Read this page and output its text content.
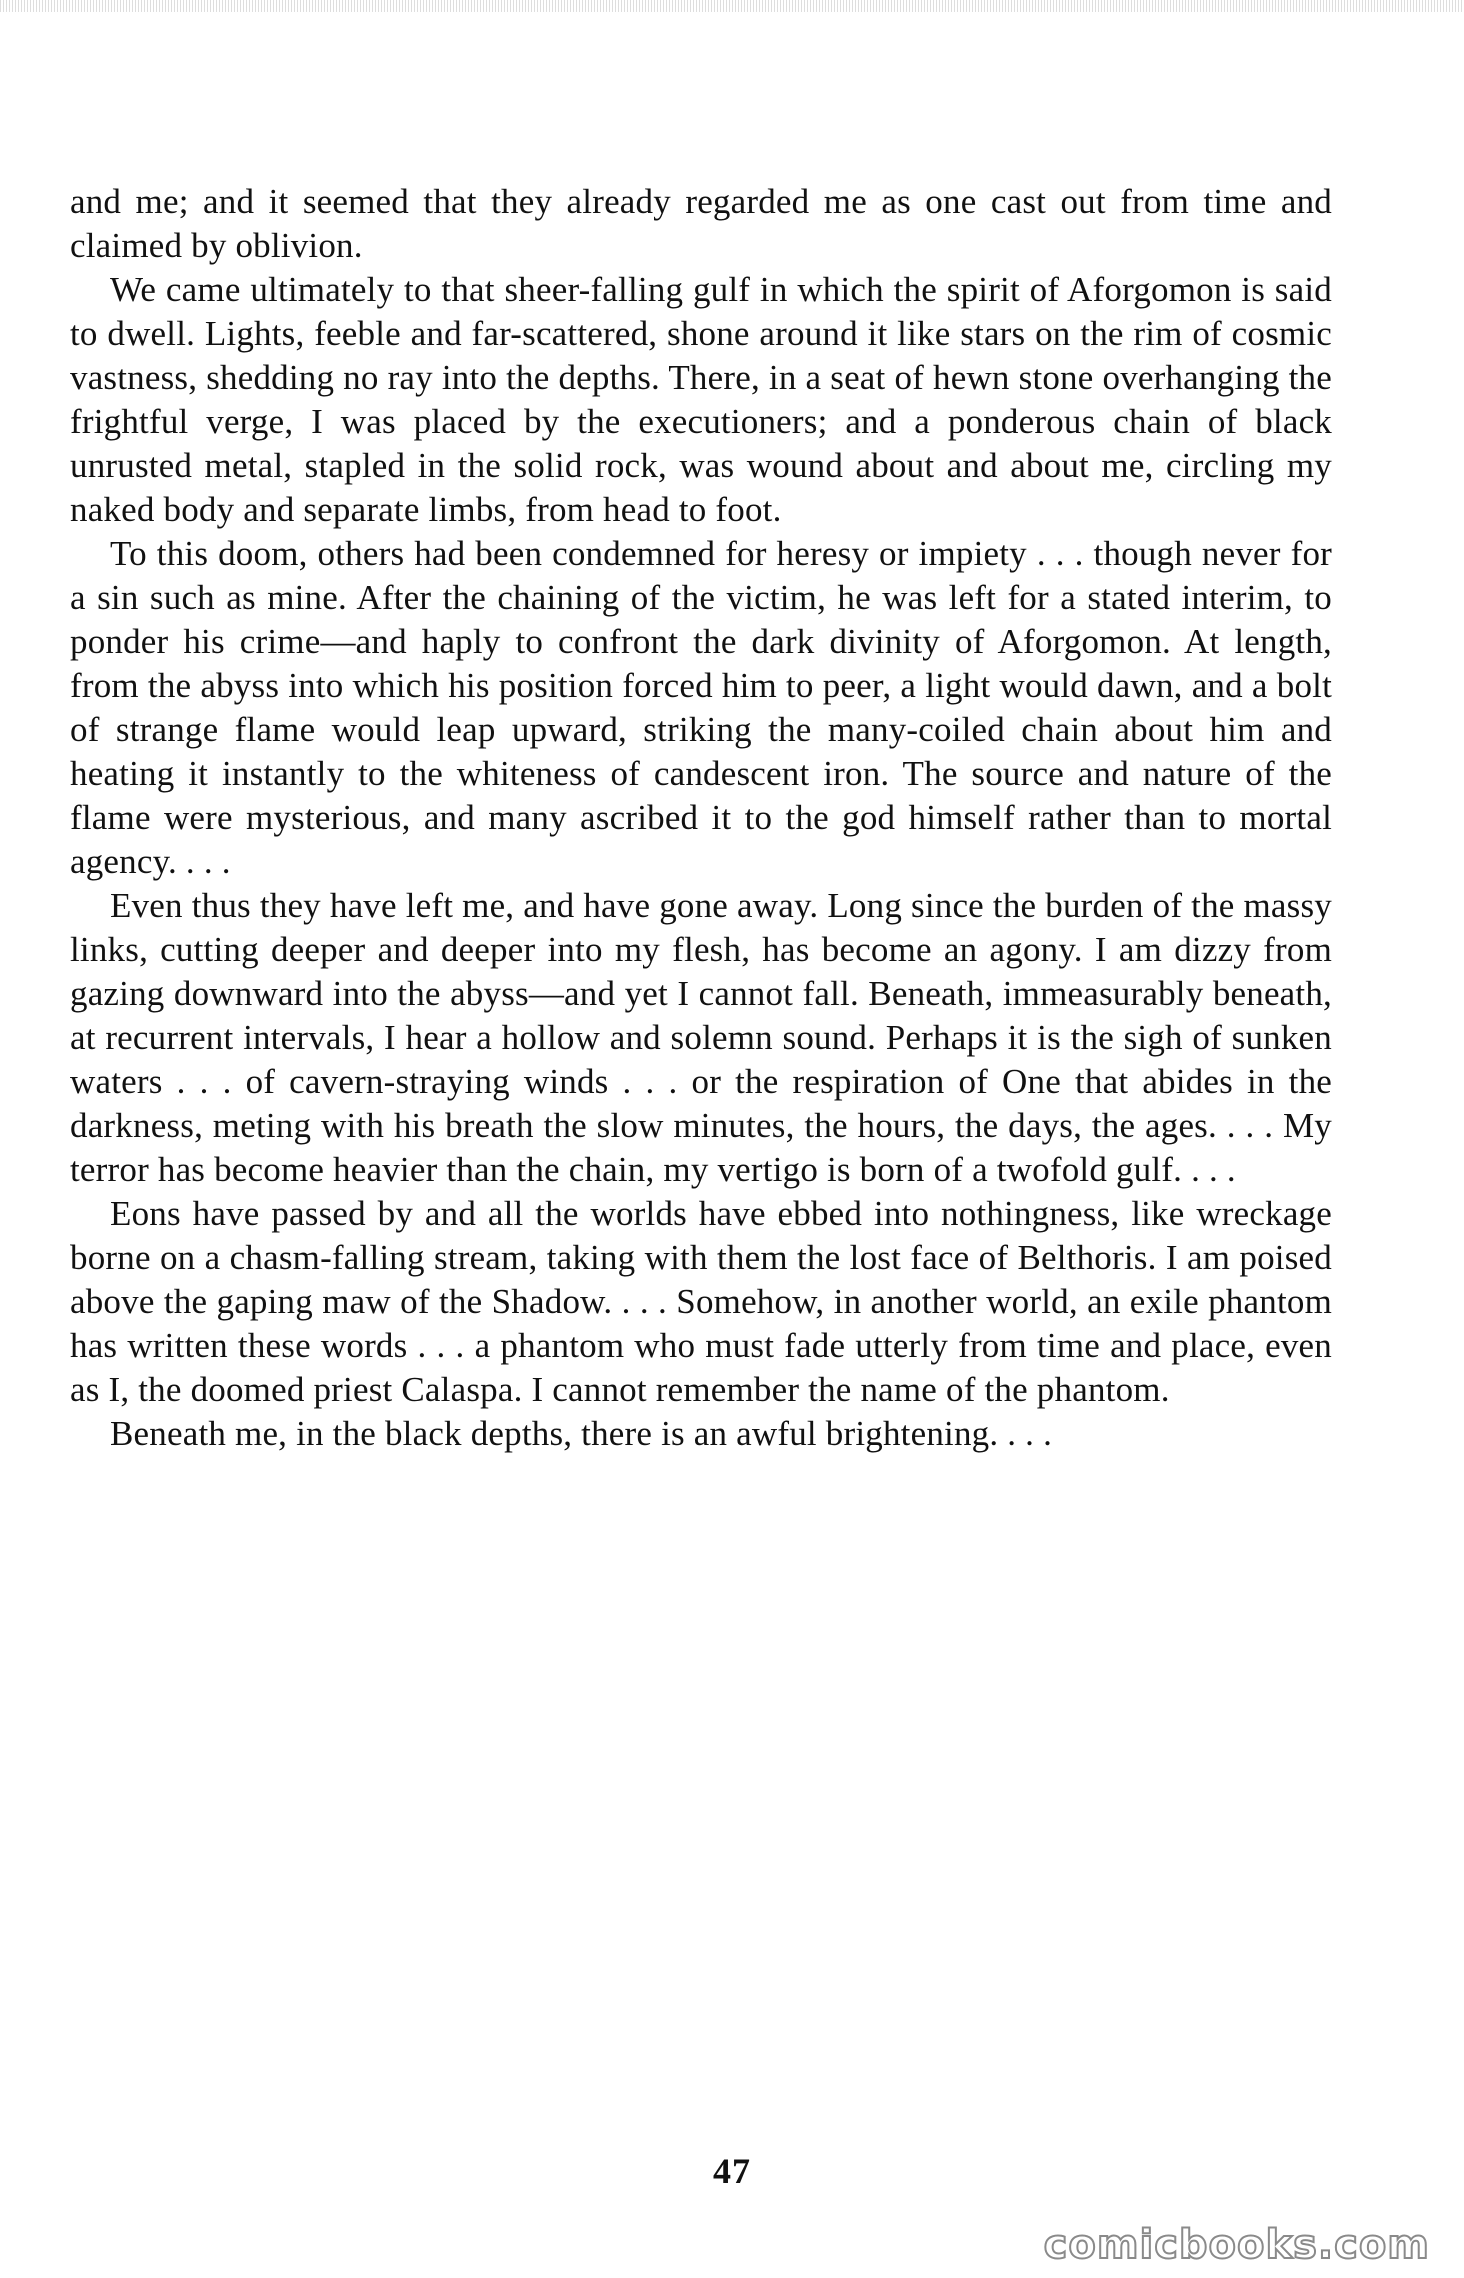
and me; and it seemed that they already regarded me as one cast out from time and claimed by oblivion.

We came ultimately to that sheer-falling gulf in which the spirit of Aforgomon is said to dwell. Lights, feeble and far-scattered, shone around it like stars on the rim of cosmic vastness, shedding no ray into the depths. There, in a seat of hewn stone overhanging the frightful verge, I was placed by the executioners; and a ponderous chain of black unrusted metal, stapled in the solid rock, was wound about and about me, circling my naked body and separate limbs, from head to foot.

To this doom, others had been condemned for heresy or impiety . . . though never for a sin such as mine. After the chaining of the victim, he was left for a stated interim, to ponder his crime—and haply to confront the dark divinity of Aforgomon. At length, from the abyss into which his position forced him to peer, a light would dawn, and a bolt of strange flame would leap upward, striking the many-coiled chain about him and heating it instantly to the whiteness of candescent iron. The source and nature of the flame were mysterious, and many ascribed it to the god himself rather than to mortal agency. . . .

Even thus they have left me, and have gone away. Long since the burden of the massy links, cutting deeper and deeper into my flesh, has become an agony. I am dizzy from gazing downward into the abyss—and yet I cannot fall. Beneath, immeasurably beneath, at recurrent intervals, I hear a hollow and solemn sound. Perhaps it is the sigh of sunken waters . . . of cavern-straying winds . . . or the respiration of One that abides in the darkness, meting with his breath the slow minutes, the hours, the days, the ages. . . . My terror has become heavier than the chain, my vertigo is born of a twofold gulf. . . .

Eons have passed by and all the worlds have ebbed into nothingness, like wreckage borne on a chasm-falling stream, taking with them the lost face of Belthoris. I am poised above the gaping maw of the Shadow. . . . Somehow, in another world, an exile phantom has written these words . . . a phantom who must fade utterly from time and place, even as I, the doomed priest Calaspa. I cannot remember the name of the phantom.

Beneath me, in the black depths, there is an awful brightening. . . .

47
comicbooks.com
